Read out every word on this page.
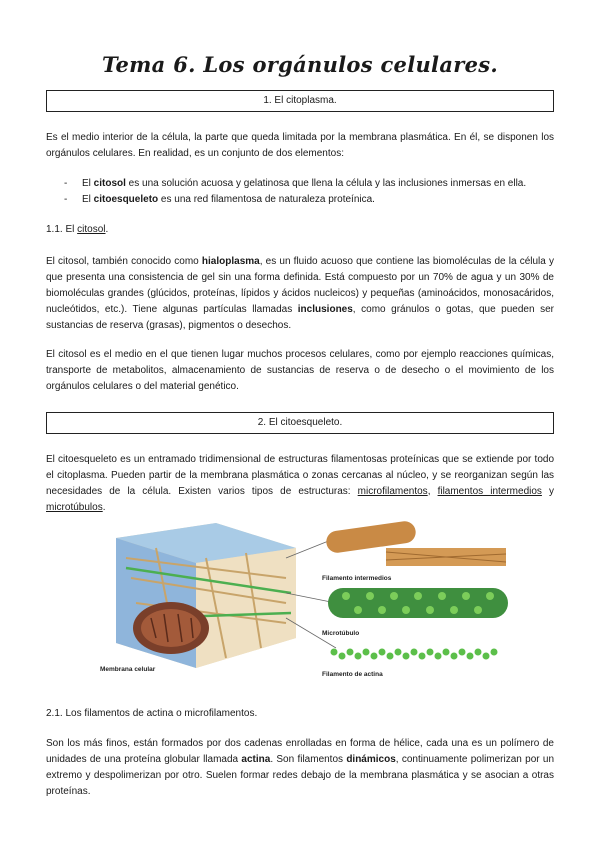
Tema 6. Los orgánulos celulares.
1. El citoplasma.
Es el medio interior de la célula, la parte que queda limitada por la membrana plasmática. En él, se disponen los orgánulos celulares. En realidad, es un conjunto de dos elementos:
- El citosol es una solución acuosa y gelatinosa que llena la célula y las inclusiones inmersas en ella.
- El citoesqueleto es una red filamentosa de naturaleza proteínica.
1.1. El citosol.
El citosol, también conocido como hialoplasma, es un fluido acuoso que contiene las biomoléculas de la célula y que presenta una consistencia de gel sin una forma definida. Está compuesto por un 70% de agua y un 30% de biomoléculas grandes (glúcidos, proteínas, lípidos y ácidos nucleicos) y pequeñas (aminoácidos, monosacáridos, nucleótidos, etc.). Tiene algunas partículas llamadas inclusiones, como gránulos o gotas, que pueden ser sustancias de reserva (grasas), pigmentos o desechos.
El citosol es el medio en el que tienen lugar muchos procesos celulares, como por ejemplo reacciones químicas, transporte de metabolitos, almacenamiento de sustancias de reserva o de desecho o el movimiento de los orgánulos celulares o del material genético.
2. El citoesqueleto.
El citoesqueleto es un entramado tridimensional de estructuras filamentosas proteínicas que se extiende por todo el citoplasma. Pueden partir de la membrana plasmática o zonas cercanas al núcleo, y se reorganizan según las necesidades de la célula. Existen varios tipos de estructuras: microfilamentos, filamentos intermedios y microtúbulos.
Filamento intermedios
Microtúbulo
Filamento de actina
Membrana celular
2.1. Los filamentos de actina o microfilamentos.
Son los más finos, están formados por dos cadenas enrolladas en forma de hélice, cada una es un polímero de unidades de una proteína globular llamada actina. Son filamentos dinámicos, continuamente polimerizan por un extremo y despolimerizan por otro. Suelen formar redes debajo de la membrana plasmática y se asocian a otras proteínas.
